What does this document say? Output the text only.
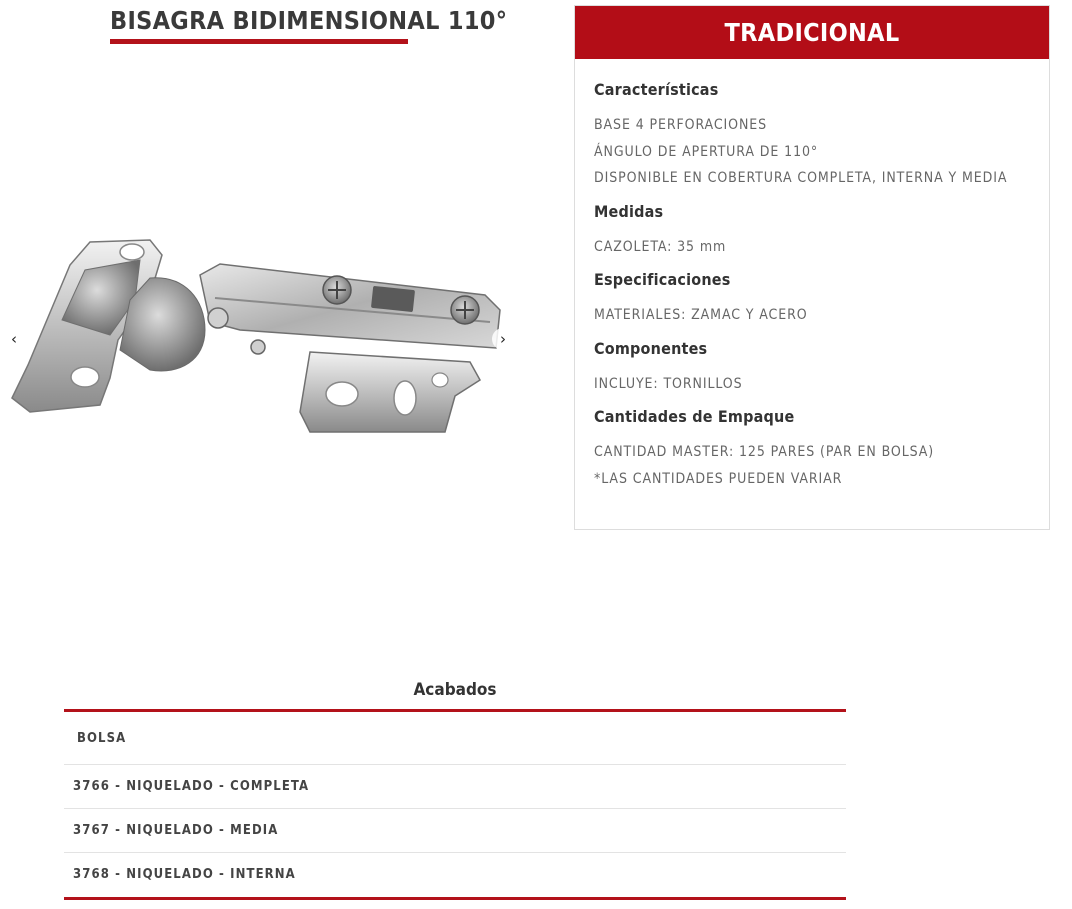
BISAGRA BIDIMENSIONAL 110°
‹	›
TRADICIONAL
Características
BASE 4 PERFORACIONES
ÁNGULO DE APERTURA DE 110°
DISPONIBLE EN COBERTURA COMPLETA, INTERNA Y MEDIA
Medidas
CAZOLETA: 35 mm
Especificaciones
MATERIALES: ZAMAC Y ACERO
Componentes
INCLUYE: TORNILLOS
Cantidades de Empaque
CANTIDAD MASTER: 125 PARES (PAR EN BOLSA)
*LAS CANTIDADES PUEDEN VARIAR
Acabados
BOLSA
3766 - NIQUELADO - COMPLETA
3767 - NIQUELADO - MEDIA
3768 - NIQUELADO - INTERNA
